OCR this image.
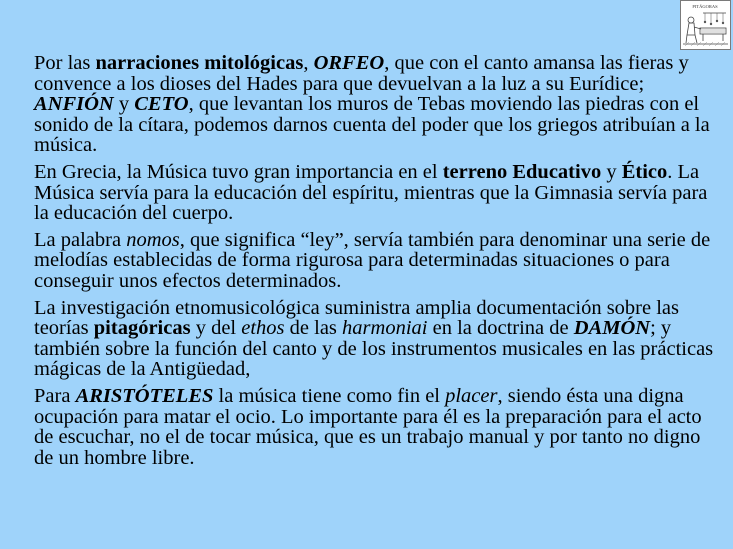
PITÁGORAS

Por las narraciones mitológicas, ORFEO, que con el canto amansa las fieras y convence a los dioses del Hades para que devuelvan a la luz a su Eurídice; ANFIÓN y CETO, que levantan los muros de Tebas moviendo las piedras con el sonido de la cítara, podemos darnos cuenta del poder que los griegos atribuían a la música.

En Grecia, la Música tuvo gran importancia en el terreno Educativo y Ético. La Música servía para la educación del espíritu, mientras que la Gimnasia servía para la educación del cuerpo.

La palabra nomos, que significa “ley”, servía también para denominar una serie de melodías establecidas de forma rigurosa para determinadas situaciones o para conseguir unos efectos determinados.

La investigación etnomusicológica suministra amplia documentación sobre las teorías pitagóricas y del ethos de las harmoniai en la doctrina de DAMÓN; y también sobre la función del canto y de los instrumentos musicales en las prácticas mágicas de la Antigüedad,

Para ARISTÓTELES la música tiene como fin el placer, siendo ésta una digna ocupación para matar el ocio. Lo importante para él es la preparación para el acto de escuchar, no el de tocar música, que es un trabajo manual y por tanto no digno de un hombre libre.
